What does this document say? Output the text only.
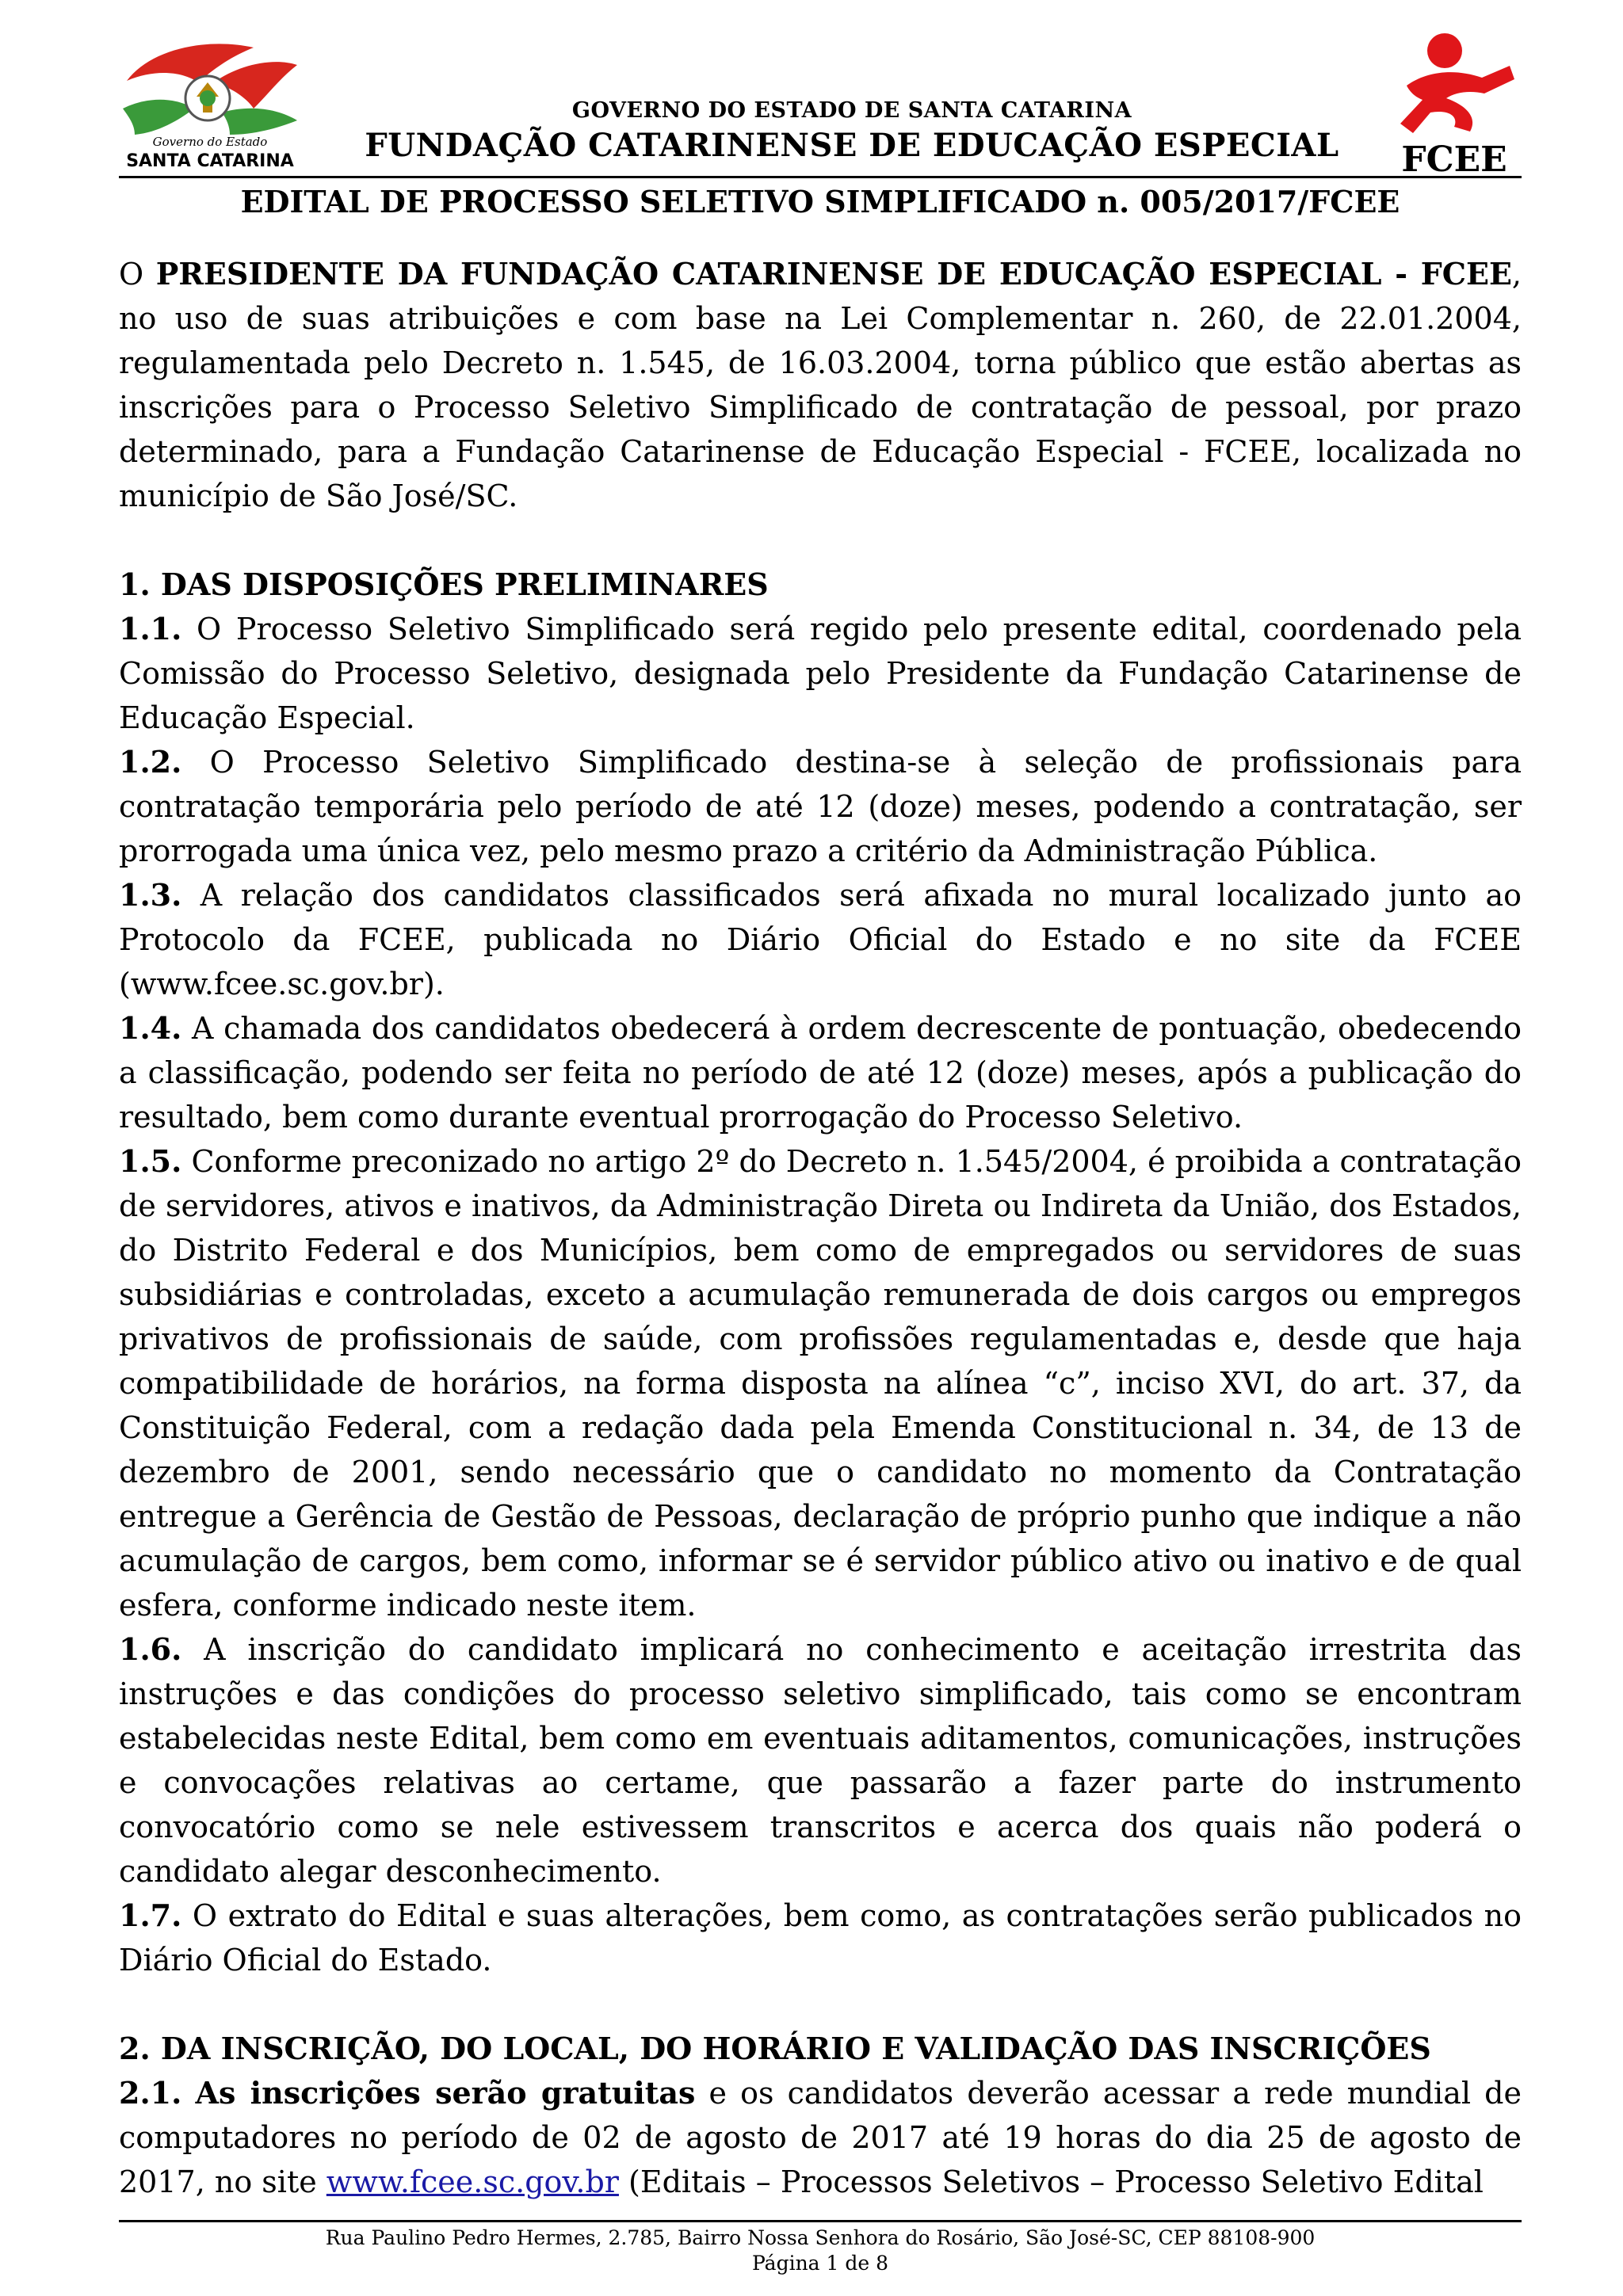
Governo do Estado
SANTA CATARINA	FCEE
GOVERNO DO ESTADO DE SANTA CATARINA
FUNDAÇÃO CATARINENSE DE EDUCAÇÃO ESPECIAL
EDITAL DE PROCESSO SELETIVO SIMPLIFICADO n. 005/2017/FCEE

O PRESIDENTE DA FUNDAÇÃO CATARINENSE DE EDUCAÇÃO ESPECIAL - FCEE, no uso de suas atribuições e com base na Lei Complementar n. 260, de 22.01.2004, regulamentada pelo Decreto n. 1.545, de 16.03.2004, torna público que estão abertas as inscrições para o Processo Seletivo Simplificado de contratação de pessoal, por prazo determinado, para a Fundação Catarinense de Educação Especial - FCEE, localizada no município de São José/SC.

1. DAS DISPOSIÇÕES PRELIMINARES

1.1. O Processo Seletivo Simplificado será regido pelo presente edital, coordenado pela Comissão do Processo Seletivo, designada pelo Presidente da Fundação Catarinense de Educação Especial.

1.2. O Processo Seletivo Simplificado destina-se à seleção de profissionais para contratação temporária pelo período de até 12 (doze) meses, podendo a contratação, ser prorrogada uma única vez, pelo mesmo prazo a critério da Administração Pública.

1.3. A relação dos candidatos classificados será afixada no mural localizado junto ao Protocolo da FCEE, publicada no Diário Oficial do Estado e no site da FCEE (www.fcee.sc.gov.br).

1.4. A chamada dos candidatos obedecerá à ordem decrescente de pontuação, obedecendo a classificação, podendo ser feita no período de até 12 (doze) meses, após a publicação do resultado, bem como durante eventual prorrogação do Processo Seletivo.

1.5. Conforme preconizado no artigo 2º do Decreto n. 1.545/2004, é proibida a contratação de servidores, ativos e inativos, da Administração Direta ou Indireta da União, dos Estados, do Distrito Federal e dos Municípios, bem como de empregados ou servidores de suas subsidiárias e controladas, exceto a acumulação remunerada de dois cargos ou empregos privativos de profissionais de saúde, com profissões regulamentadas e, desde que haja compatibilidade de horários, na forma disposta na alínea “c”, inciso XVI, do art. 37, da Constituição Federal, com a redação dada pela Emenda Constitucional n. 34, de 13 de dezembro de 2001, sendo necessário que o candidato no momento da Contratação entregue a Gerência de Gestão de Pessoas, declaração de próprio punho que indique a não acumulação de cargos, bem como, informar se é servidor público ativo ou inativo e de qual esfera, conforme indicado neste item.

1.6. A inscrição do candidato implicará no conhecimento e aceitação irrestrita das instruções e das condições do processo seletivo simplificado, tais como se encontram estabelecidas neste Edital, bem como em eventuais aditamentos, comunicações, instruções e convocações relativas ao certame, que passarão a fazer parte do instrumento convocatório como se nele estivessem transcritos e acerca dos quais não poderá o candidato alegar desconhecimento.

1.7. O extrato do Edital e suas alterações, bem como, as contratações serão publicados no Diário Oficial do Estado.

2. DA INSCRIÇÃO, DO LOCAL, DO HORÁRIO E VALIDAÇÃO DAS INSCRIÇÕES

2.1. As inscrições serão gratuitas e os candidatos deverão acessar a rede mundial de computadores no período de 02 de agosto de 2017 até 19 horas do dia 25 de agosto de 2017, no site www.fcee.sc.gov.br (Editais – Processos Seletivos – Processo Seletivo Edital

Rua Paulino Pedro Hermes, 2.785, Bairro Nossa Senhora do Rosário, São José-SC, CEP 88108-900
Página 1 de 8
